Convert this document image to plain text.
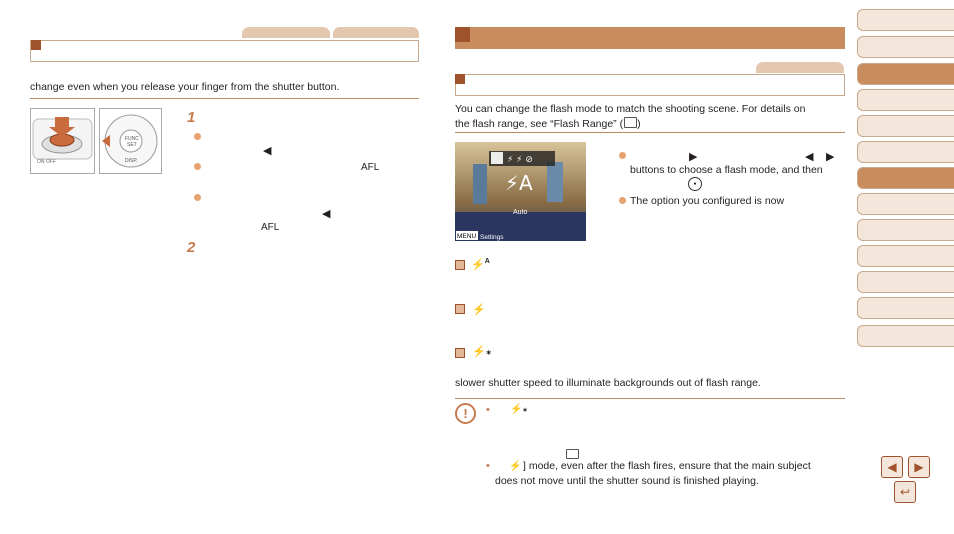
change even when you release your finger from the shutter button.
ON OFF
FUNC
SET
DISP.
1
◀
AFL
◀
AFL
2
You can change the flash mode to match the shooting scene. For details on
the flash range, see “Flash Range” ( )
⚡ ⚡ ⊘
⚡A
Auto
MENU Settings
▶	◀ ▶
buttons to choose a flash mode, and then
●
The option you configured is now
⚡$^A$
⚡
⚡✶
slower shutter speed to illuminate backgrounds out of flash range.
!	• ⚡✶
•	⚡ ] mode, even after the flash fires, ensure that the main subject
does not move until the shutter sound is finished playing.
◀	▶
↩
